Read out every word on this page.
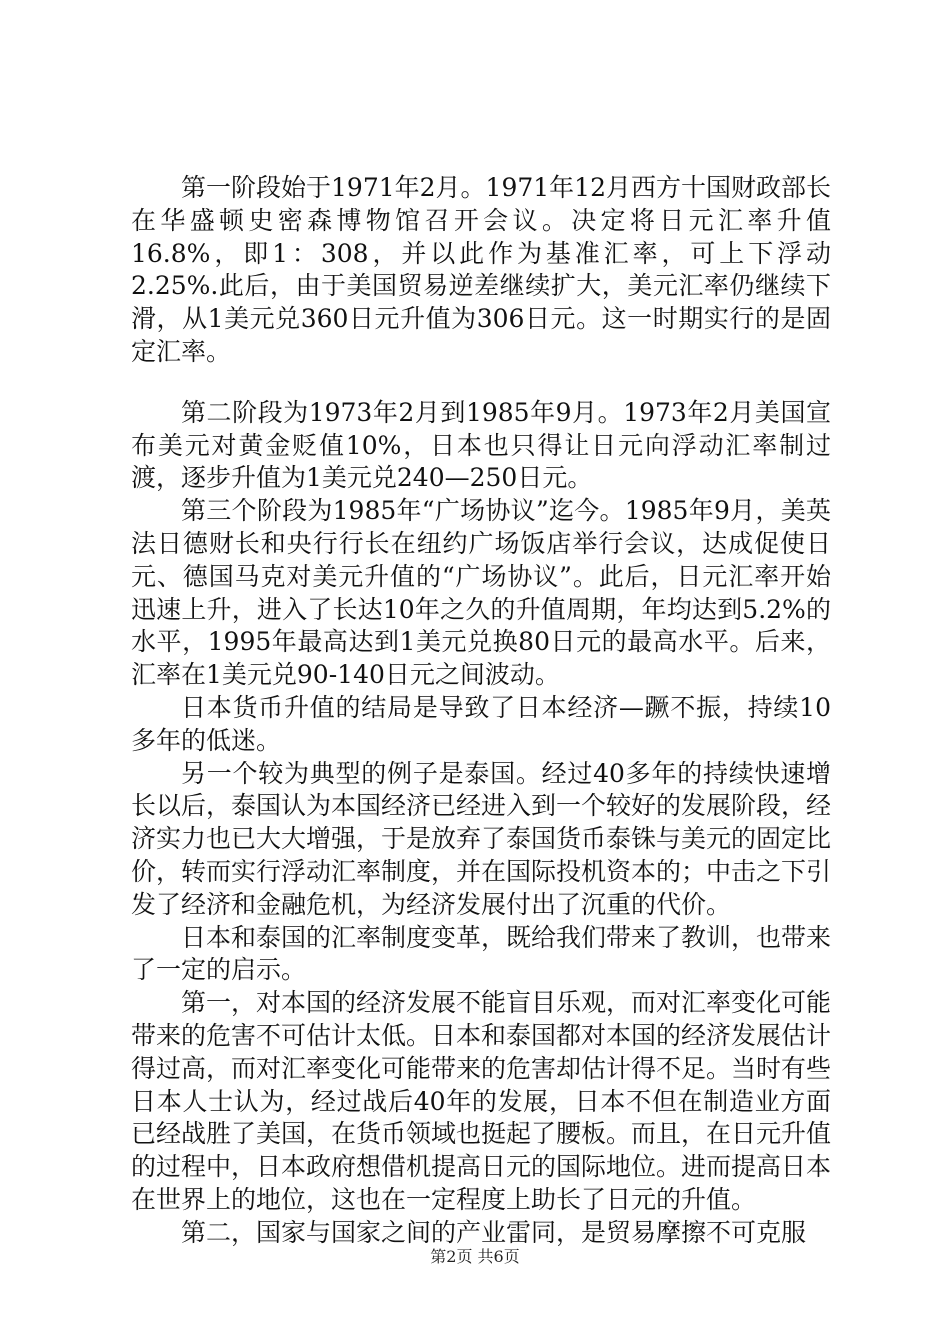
第一阶段始于1971年2月。1971年12月西方十国财政部长在华盛顿史密森博物馆召开会议。决定将日元汇率升值16.8%，即1：308，并以此作为基准汇率，可上下浮动2.25%.此后，由于美国贸易逆差继续扩大，美元汇率仍继续下滑，从1美元兑360日元升值为306日元。这一时期实行的是固定汇率。

第二阶段为1973年2月到1985年9月。1973年2月美国宣布美元对黄金贬值10%，日本也只得让日元向浮动汇率制过渡，逐步升值为1美元兑240—250日元。

第三个阶段为1985年“广场协议”迄今。1985年9月，美英法日德财长和央行行长在纽约广场饭店举行会议，达成促使日元、德国马克对美元升值的“广场协议”。此后，日元汇率开始迅速上升，进入了长达10年之久的升值周期，年均达到5.2%的水平，1995年最高达到1美元兑换80日元的最高水平。后来，汇率在1美元兑90-140日元之间波动。

日本货币升值的结局是导致了日本经济—蹶不振，持续10多年的低迷。

另一个较为典型的例子是泰国。经过40多年的持续快速增长以后，泰国认为本国经济已经进入到一个较好的发展阶段，经济实力也已大大增强，于是放弃了泰国货币泰铢与美元的固定比价，转而实行浮动汇率制度，并在国际投机资本的；中击之下引发了经济和金融危机，为经济发展付出了沉重的代价。

日本和泰国的汇率制度变革，既给我们带来了教训，也带来了一定的启示。

第一，对本国的经济发展不能盲目乐观，而对汇率变化可能带来的危害不可估计太低。日本和泰国都对本国的经济发展估计得过高，而对汇率变化可能带来的危害却估计得不足。当时有些日本人士认为，经过战后40年的发展，日本不但在制造业方面已经战胜了美国，在货币领域也挺起了腰板。而且，在日元升值的过程中，日本政府想借机提高日元的国际地位。进而提高日本在世界上的地位，这也在一定程度上助长了日元的升值。

第二，国家与国家之间的产业雷同，是贸易摩擦不可克服

第2页 共6页
